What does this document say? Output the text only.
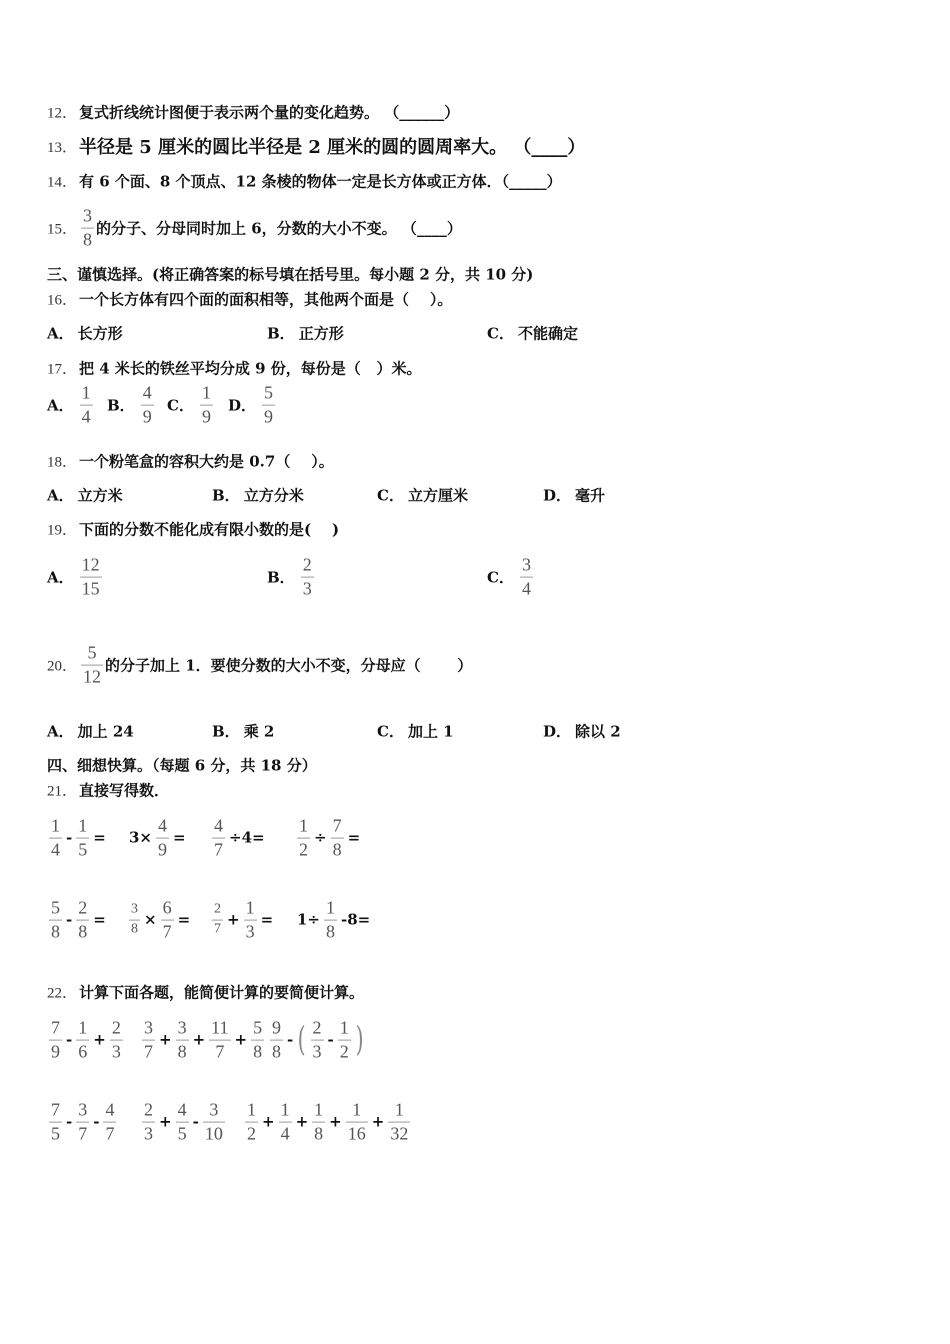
12． 复式折线统计图便于表示两个量的变化趋势。 （______）
13． 半径是 5 厘米的圆比半径是 2 厘米的圆的圆周率大。 （____）
14． 有 6 个面、8 个顶点、12 条棱的物体一定是长方体或正方体．（_____）
15． $\frac{3}{8}$ 的分子、分母同时加上 6，分数的大小不变。 （____）
三、谨慎选择。(将正确答案的标号填在括号里。每小题 2 分，共 10 分)
16． 一个长方体有四个面的面积相等，其他两个面是（    ）。
A． 长方形	B． 正方形	C． 不能确定
17． 把 4 米长的铁丝平均分成 9 份，每份是（   ）米。
A． $\frac{1}{4}$ B． $\frac{4}{9}$ C． $\frac{1}{9}$ D． $\frac{5}{9}$
18． 一个粉笔盒的容积大约是 0.7（    ）。
A． 立方米	B． 立方分米	C． 立方厘米	D． 毫升
19． 下面的分数不能化成有限小数的是(    )
A． $\frac{12}{15}$	B． $\frac{2}{3}$	C． $\frac{3}{4}$
20． $\frac{5}{12}$ 的分子加上 1．要使分数的大小不变，分母应（       ）
A． 加上 24	B． 乘 2	C． 加上 1	D． 除以 2
四、细想快算。（每题 6 分，共 18 分）
21． 直接写得数．
$\frac{1}{4} - \frac{1}{5} = 3\times \frac{4}{9} = \frac{4}{7} \div 4= \frac{1}{2} \div \frac{7}{8}$ =
$\frac{5}{8} - \frac{2}{8} = \frac{3}{8} \times \frac{6}{7} = \frac{2}{7} + \frac{1}{3} = 1\div \frac{1}{8} -8=$
22． 计算下面各题，能简便计算的要简便计算。
$\frac{7}{9} - \frac{1}{6} + \frac{2}{3} \frac{3}{7} + \frac{3}{8} + \frac{11}{7} + \frac{5}{8} \frac{9}{8}$ - ( $\frac{2}{3} - \frac{1}{2}$ )
$\frac{7}{5} - \frac{3}{7} - \frac{4}{7} \frac{2}{3} + \frac{4}{5} - \frac{3}{10} \frac{1}{2} + \frac{1}{4} + \frac{1}{8} + \frac{1}{16} + \frac{1}{32}$
